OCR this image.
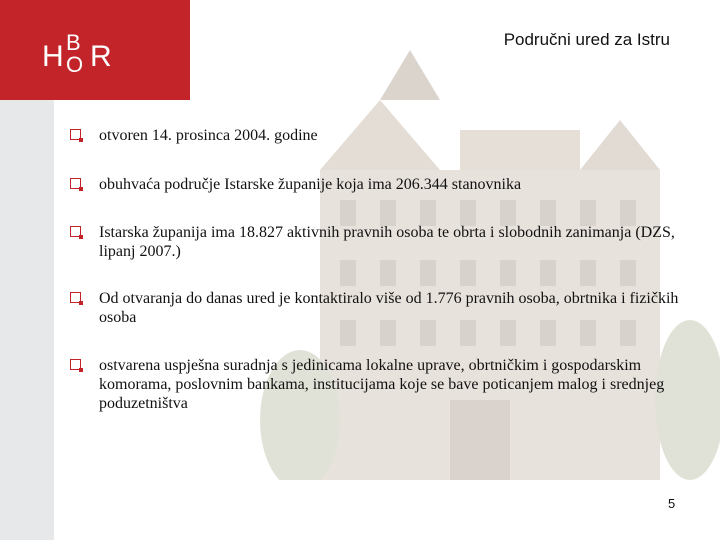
H B
O R
Područni ured za Istru
otvoren 14. prosinca 2004. godine
obuhvaća područje Istarske županije koja ima 206.344 stanovnika
Istarska županija ima 18.827 aktivnih pravnih osoba te obrta i slobodnih zanimanja (DZS, lipanj 2007.)
Od otvaranja do danas ured je kontaktiralo više od 1.776 pravnih osoba, obrtnika i fizičkih osoba
ostvarena uspješna suradnja s jedinicama lokalne uprave, obrtničkim i gospodarskim komorama, poslovnim bankama, institucijama koje se bave poticanjem malog i srednjeg poduzetništva
5
